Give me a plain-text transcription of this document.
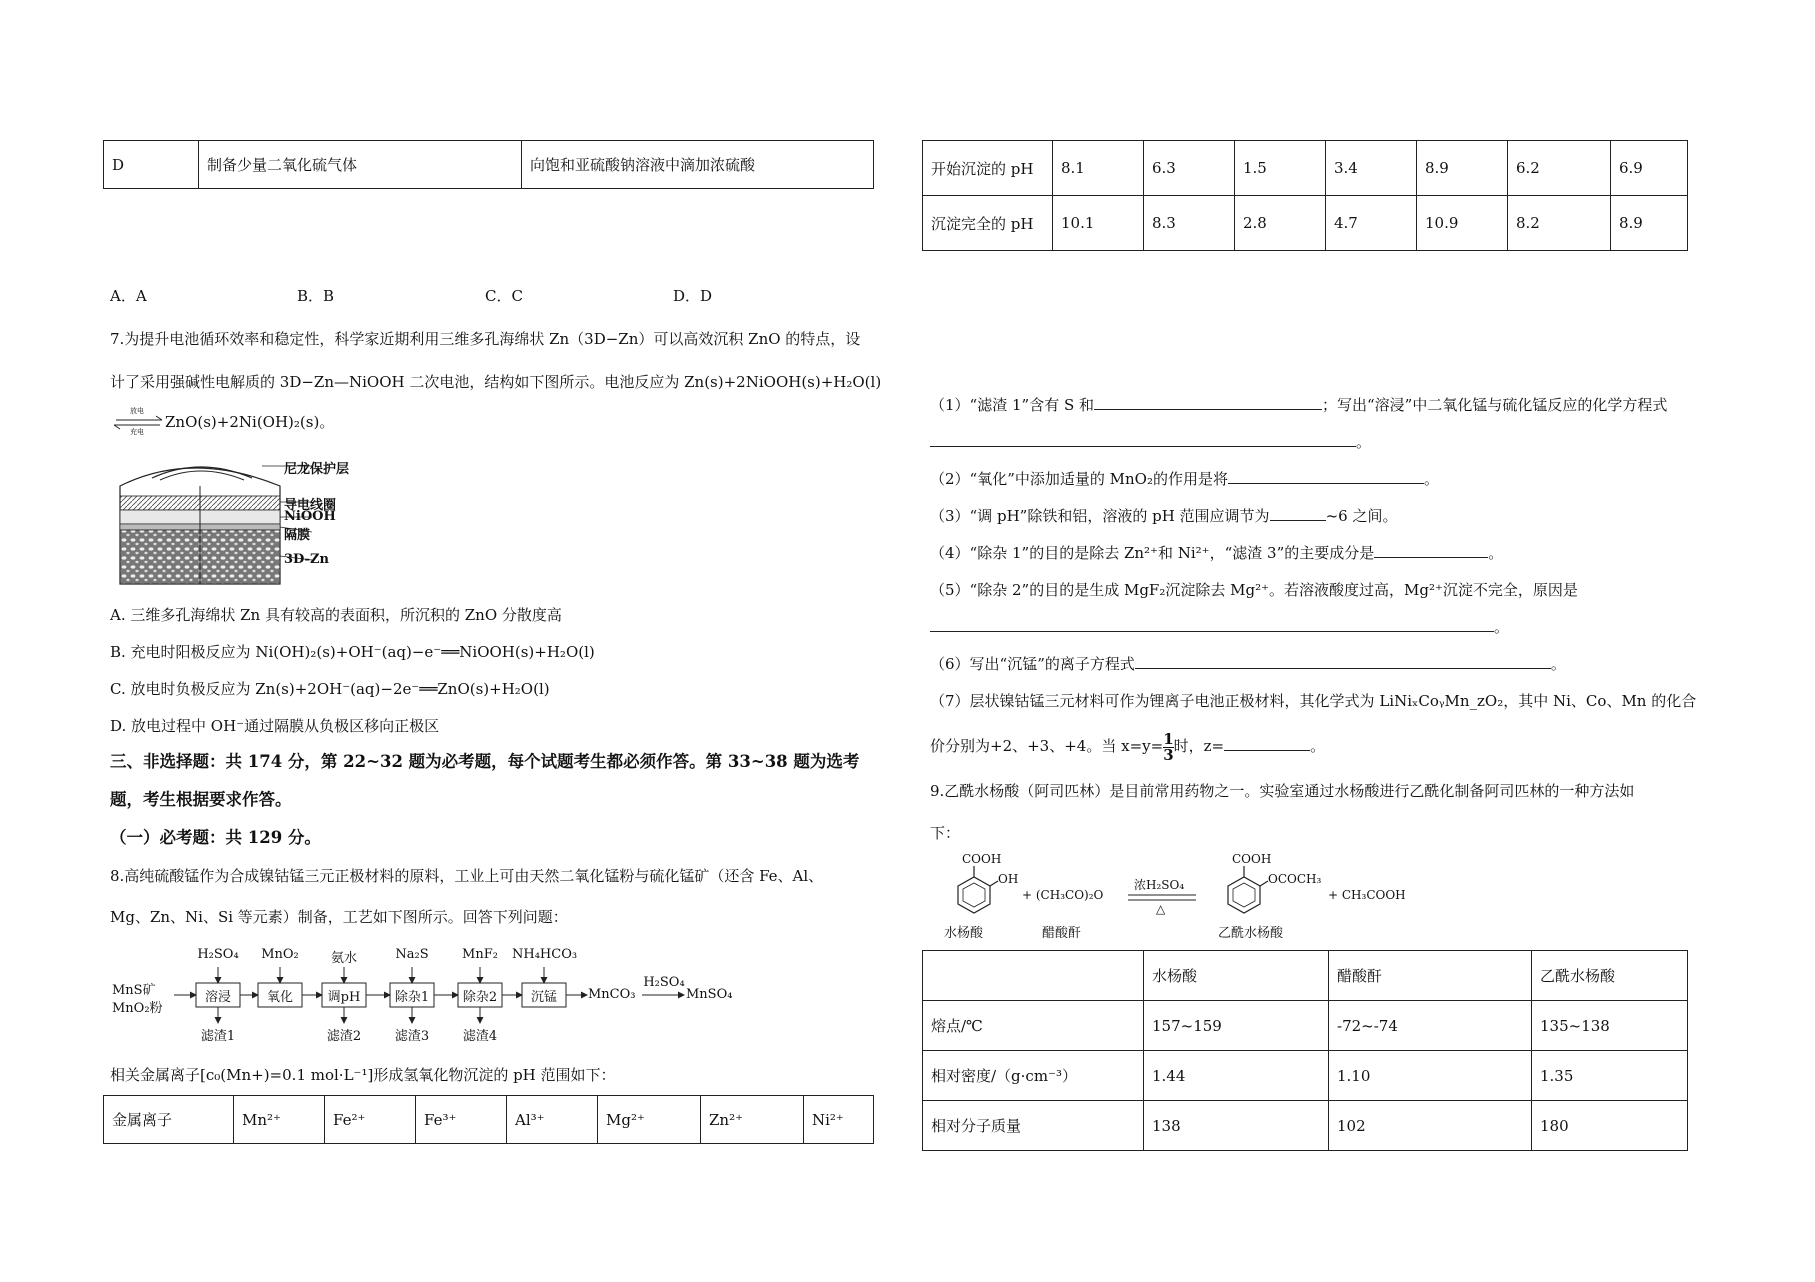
D	制备少量二氧化硫气体	向饱和亚硫酸钠溶液中滴加浓硫酸
A．A	B．B	C．C	D．D
7.为提升电池循环效率和稳定性，科学家近期利用三维多孔海绵状 Zn（3D−Zn）可以高效沉积 ZnO 的特点，设
计了采用强碱性电解质的 3D−Zn—NiOOH 二次电池，结构如下图所示。电池反应为 Zn(s)+2NiOOH(s)+H₂O(l)
放电
充电
ZnO(s)+2Ni(OH)₂(s)。
尼龙保护层
导电线圈
NiOOH
隔膜
3D-Zn
A. 三维多孔海绵状 Zn 具有较高的表面积，所沉积的 ZnO 分散度高
B. 充电时阳极反应为 Ni(OH)₂(s)+OH⁻(aq)−e⁻══NiOOH(s)+H₂O(l)
C. 放电时负极反应为 Zn(s)+2OH⁻(aq)−2e⁻══ZnO(s)+H₂O(l)
D. 放电过程中 OH⁻通过隔膜从负极区移向正极区
三、非选择题：共 174 分，第 22~32 题为必考题，每个试题考生都必须作答。第 33~38 题为选考
题，考生根据要求作答。
（一）必考题：共 129 分。
8.高纯硫酸锰作为合成镍钴锰三元正极材料的原料，工业上可由天然二氧化锰粉与硫化锰矿（还含 Fe、Al、
Mg、Zn、Ni、Si 等元素）制备，工艺如下图所示。回答下列问题：
MnS矿
MnO₂粉
H₂SO₄	MnO₂	氨水	Na₂S	MnF₂	NH₄HCO₃
溶浸	氧化	调pH	除杂1	除杂2	沉锰
滤渣1	滤渣2	滤渣3	滤渣4
MnCO₃
H₂SO₄
MnSO₄
相关金属离子[c₀(Mn+)=0.1 mol·L⁻¹]形成氢氧化物沉淀的 pH 范围如下：
金属离子	Mn²⁺	Fe²⁺	Fe³⁺	Al³⁺	Mg²⁺	Zn²⁺	Ni²⁺
开始沉淀的 pH	8.1	6.3	1.5	3.4	8.9	6.2	6.9
沉淀完全的 pH	10.1	8.3	2.8	4.7	10.9	8.2	8.9
（1）“滤渣 1”含有 S 和	；写出“溶浸”中二氧化锰与硫化锰反应的化学方程式
。
（2）“氧化”中添加适量的 MnO₂的作用是将	。
（3）“调 pH”除铁和铝，溶液的 pH 范围应调节为	~6 之间。
（4）“除杂 1”的目的是除去 Zn²⁺和 Ni²⁺，“滤渣 3”的主要成分是	。
（5）“除杂 2”的目的是生成 MgF₂沉淀除去 Mg²⁺。若溶液酸度过高，Mg²⁺沉淀不完全，原因是
。
（6）写出“沉锰”的离子方程式	。
（7）层状镍钴锰三元材料可作为锂离子电池正极材料，其化学式为 LiNiₓCoᵧMn_zO₂，其中 Ni、Co、Mn 的化合
价分别为+2、+3、+4。当 $x=y= \frac{1}{3}$ 时，z=	。
9.乙酰水杨酸（阿司匹林）是目前常用药物之一。实验室通过水杨酸进行乙酰化制备阿司匹林的一种方法如
下：
COOH
OH
+ (CH₃CO)₂O
浓H₂SO₄
△
COOH
OCOCH₃
+ CH₃COOH
水杨酸	醋酸酐	乙酰水杨酸
	水杨酸	醋酸酐	乙酰水杨酸
熔点/℃	157~159	-72~-74	135~138
相对密度/（g·cm⁻³）	1.44	1.10	1.35
相对分子质量	138	102	180
